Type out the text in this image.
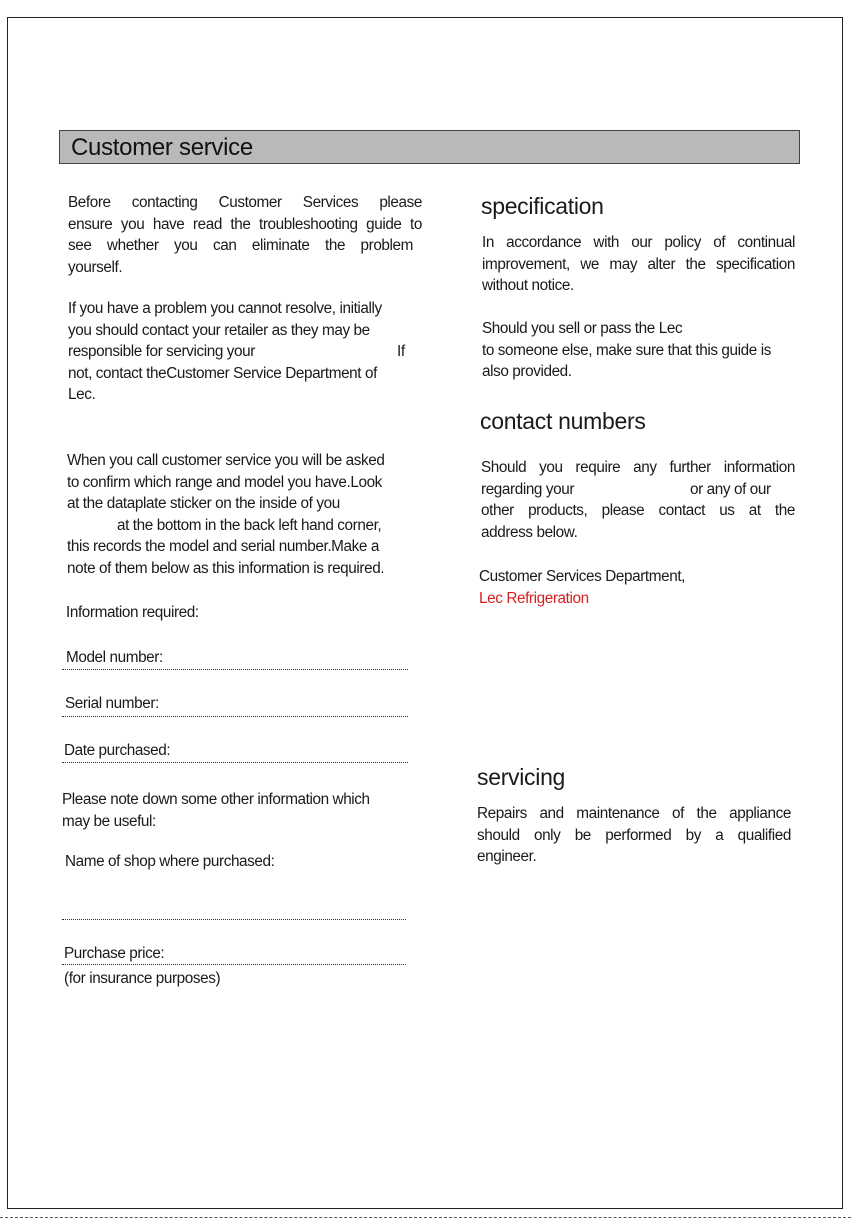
Customer service
Before contacting Customer Services please
ensure you have read the troubleshooting guide to
see whether you can eliminate the problem
yourself.
If you have a problem you cannot resolve, initially
you should contact your retailer as they may be
responsible for servicing your	If
not, contact theCustomer Service Department of
Lec.
When you call customer service you will be asked
to confirm which range and model you have.Look
at the dataplate sticker on the inside of you
at the bottom in the back left hand corner,
this records the model and serial number.Make a
note of them below as this information is required.
Information required:
Model number:
Serial number:
Date purchased:
Please note down some other information which
may be useful:
Name of shop where purchased:
Purchase price:
(for insurance purposes)
specification
In accordance with our policy of continual
improvement, we may alter the specification
without notice.
Should you sell or pass the Lec
to someone else, make sure that this guide is
also provided.
contact numbers
Should you require any further information
regarding your	or any of our
other products, please contact us at the
address below.
Customer Services Department,
Lec Refrigeration
servicing
Repairs and maintenance of the appliance
should only be performed by a qualified
engineer.
